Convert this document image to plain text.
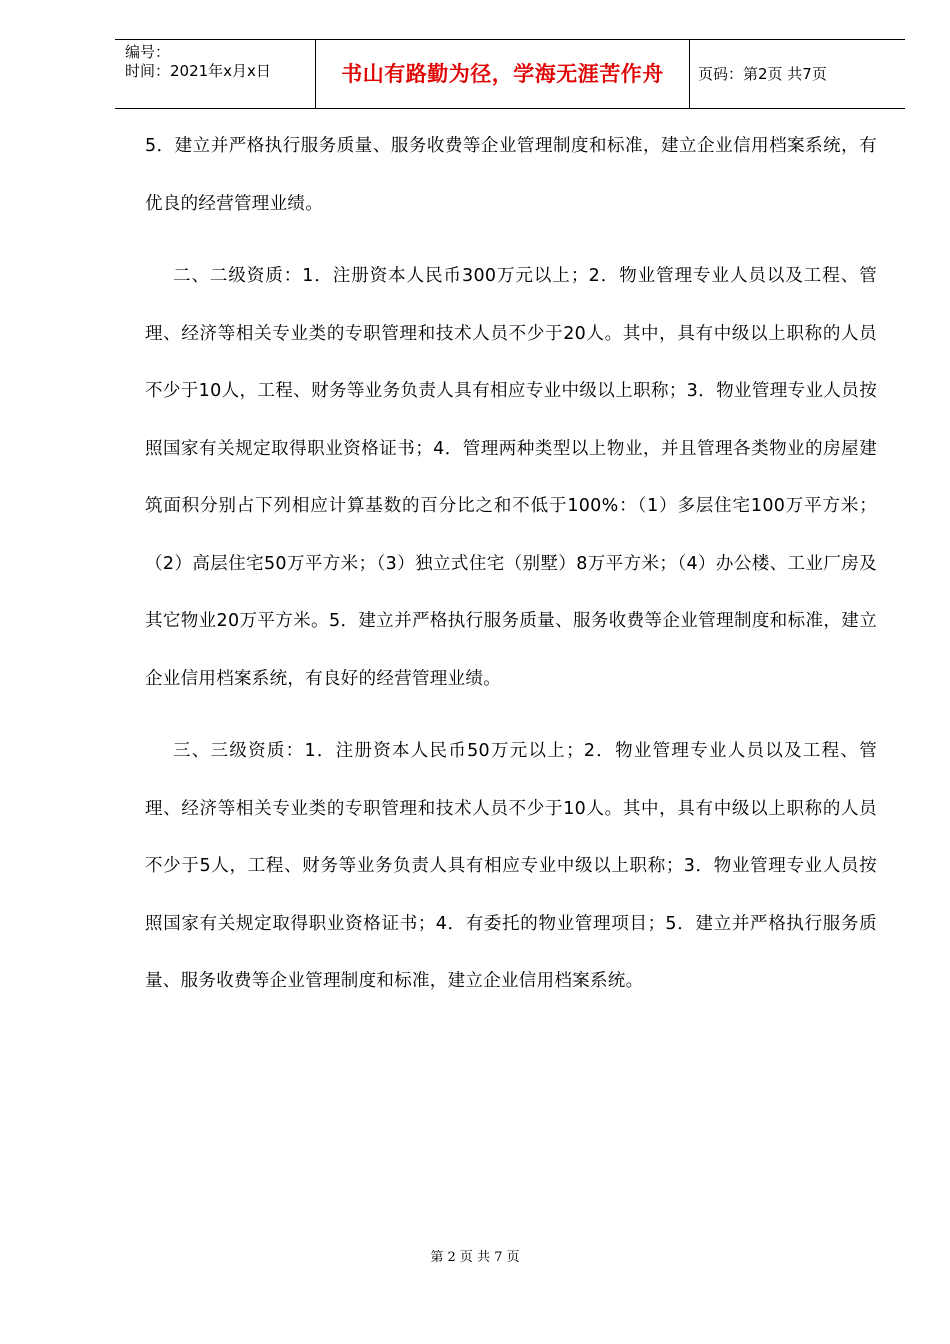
编号：
时间：2021年x月x日	书山有路勤为径，学海无涯苦作舟	页码：第2页 共7页

5．建立并严格执行服务质量、服务收费等企业管理制度和标准，建立企业信用档案系统，有优良的经营管理业绩。

二、二级资质：1．注册资本人民币300万元以上；2．物业管理专业人员以及工程、管理、经济等相关专业类的专职管理和技术人员不少于20人。其中，具有中级以上职称的人员不少于10人，工程、财务等业务负责人具有相应专业中级以上职称；3．物业管理专业人员按照国家有关规定取得职业资格证书；4．管理两种类型以上物业，并且管理各类物业的房屋建筑面积分别占下列相应计算基数的百分比之和不低于100%：（1）多层住宅100万平方米；（2）高层住宅50万平方米；（3）独立式住宅（别墅）8万平方米；（4）办公楼、工业厂房及其它物业20万平方米。5．建立并严格执行服务质量、服务收费等企业管理制度和标准，建立企业信用档案系统，有良好的经营管理业绩。

三、三级资质：1．注册资本人民币50万元以上；2．物业管理专业人员以及工程、管理、经济等相关专业类的专职管理和技术人员不少于10人。其中，具有中级以上职称的人员不少于5人，工程、财务等业务负责人具有相应专业中级以上职称；3．物业管理专业人员按照国家有关规定取得职业资格证书；4．有委托的物业管理项目；5．建立并严格执行服务质量、服务收费等企业管理制度和标准，建立企业信用档案系统。

第 2 页 共 7 页
